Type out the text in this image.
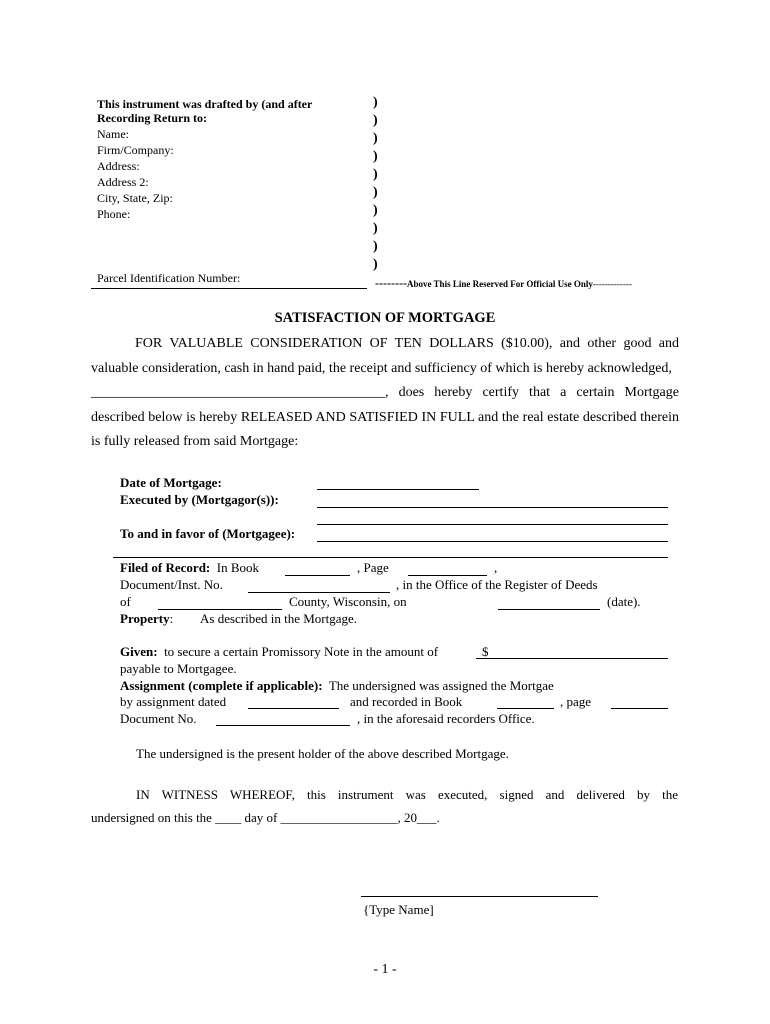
This instrument was drafted by (and after
Recording Return to:
Name:
Firm/Company:
Address:
Address 2:
City, State, Zip:
Phone:
Parcel Identification Number:
)
)
)
)
)
)
)
)
)
)
--------Above This Line Reserved For Official Use Only-------------
SATISFACTION OF MORTGAGE
FOR VALUABLE CONSIDERATION OF TEN DOLLARS ($10.00), and other good and valuable consideration, cash in hand paid, the receipt and sufficiency of which is hereby acknowledged,
__________________________________________, does hereby certify that a certain Mortgage described below is hereby RELEASED AND SATISFIED IN FULL and the real estate described therein is fully released from said Mortgage:
Date of Mortgage:
Executed by (Mortgagor(s)):
To and in favor of (Mortgagee):
Filed of Record: In Book	, Page	,
Document/Inst. No.	, in the Office of the Register of Deeds
of	County, Wisconsin, on	(date).
Property: As described in the Mortgage.
Given: to secure a certain Promissory Note in the amount of	$
payable to Mortgagee.
Assignment (complete if applicable): The undersigned was assigned the Mortgae
by assignment dated	and recorded in Book	, page
Document No.	, in the aforesaid recorders Office.
The undersigned is the present holder of the above described Mortgage.
IN WITNESS WHEREOF, this instrument was executed, signed and delivered by the
undersigned on this the ____ day of __________________, 20___.
{Type Name]
- 1 -
